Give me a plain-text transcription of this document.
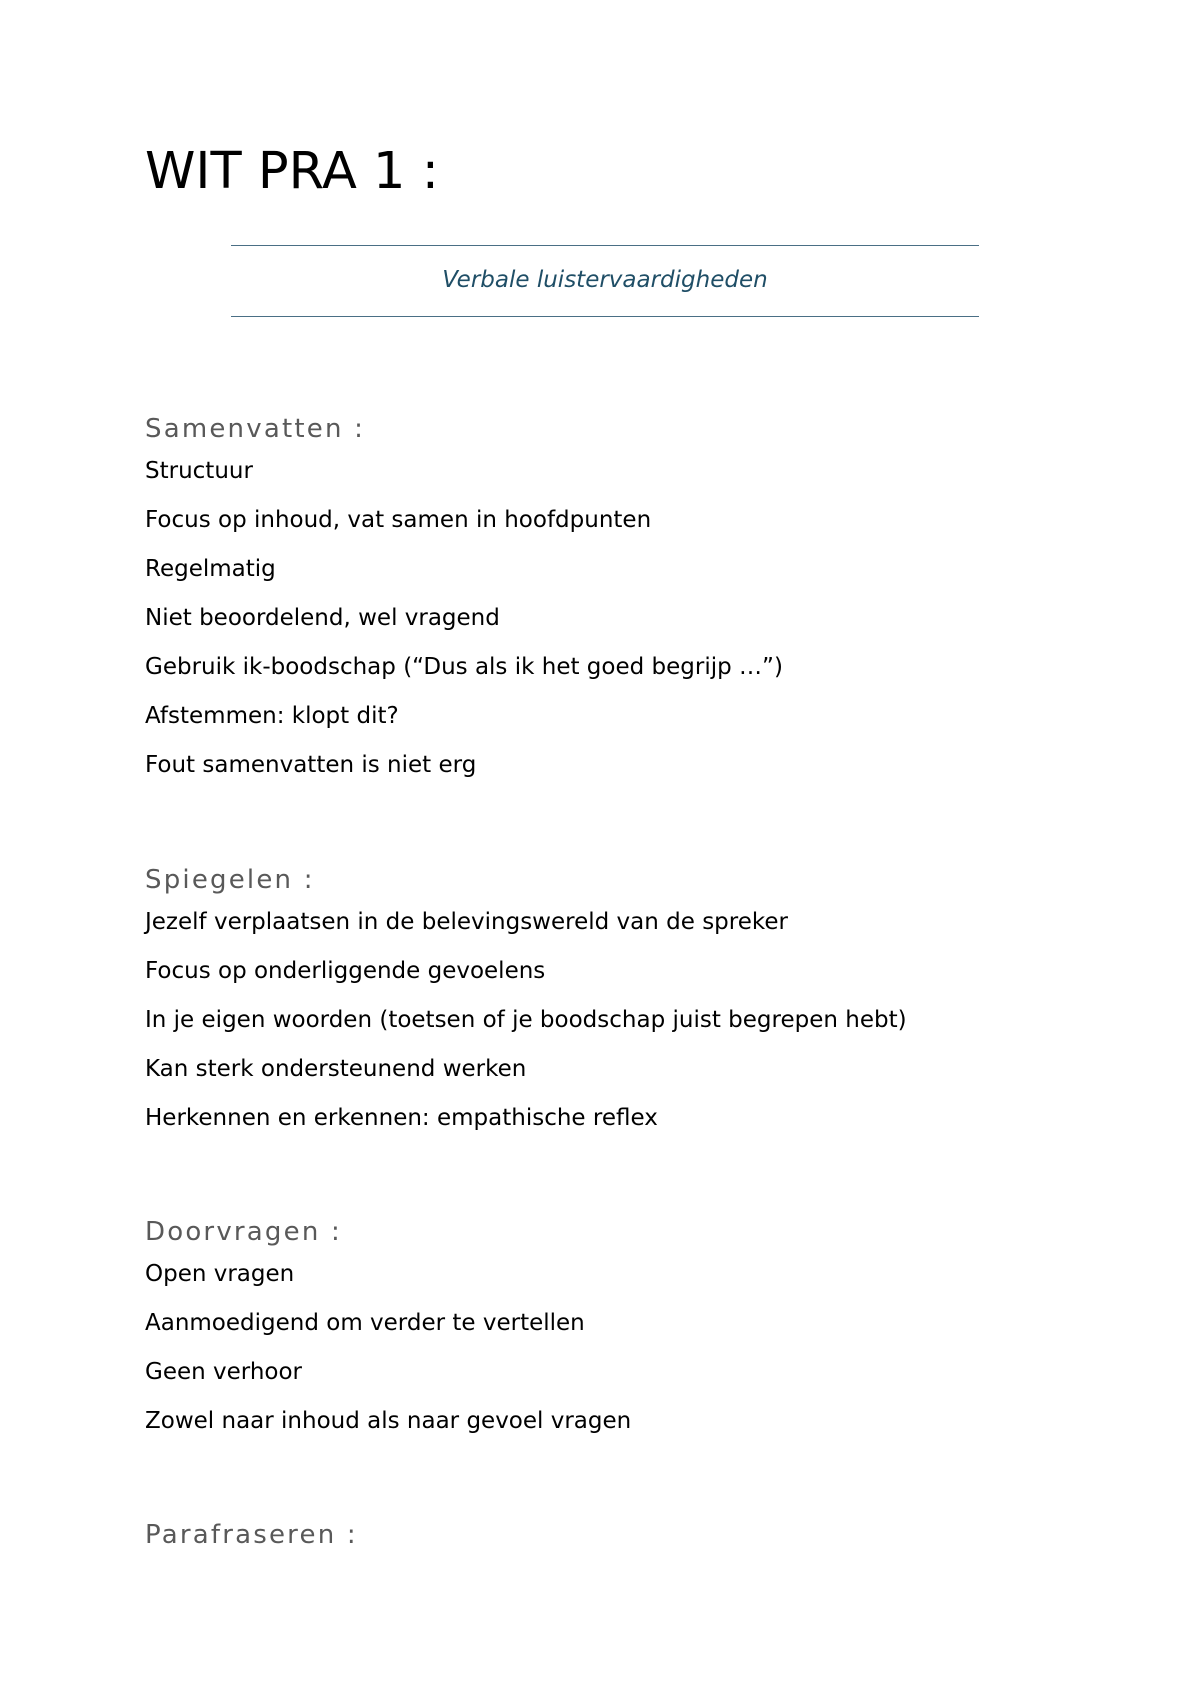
WIT PRA 1 :
Verbale luistervaardigheden
Samenvatten :
Structuur
Focus op inhoud, vat samen in hoofdpunten
Regelmatig
Niet beoordelend, wel vragend
Gebruik ik-boodschap (“Dus als ik het goed begrijp …”)
Afstemmen: klopt dit?
Fout samenvatten is niet erg
Spiegelen :
Jezelf verplaatsen in de belevingswereld van de spreker
Focus op onderliggende gevoelens
In je eigen woorden (toetsen of je boodschap juist begrepen hebt)
Kan sterk ondersteunend werken
Herkennen en erkennen: empathische reflex
Doorvragen :
Open vragen
Aanmoedigend om verder te vertellen
Geen verhoor
Zowel naar inhoud als naar gevoel vragen
Parafraseren :
